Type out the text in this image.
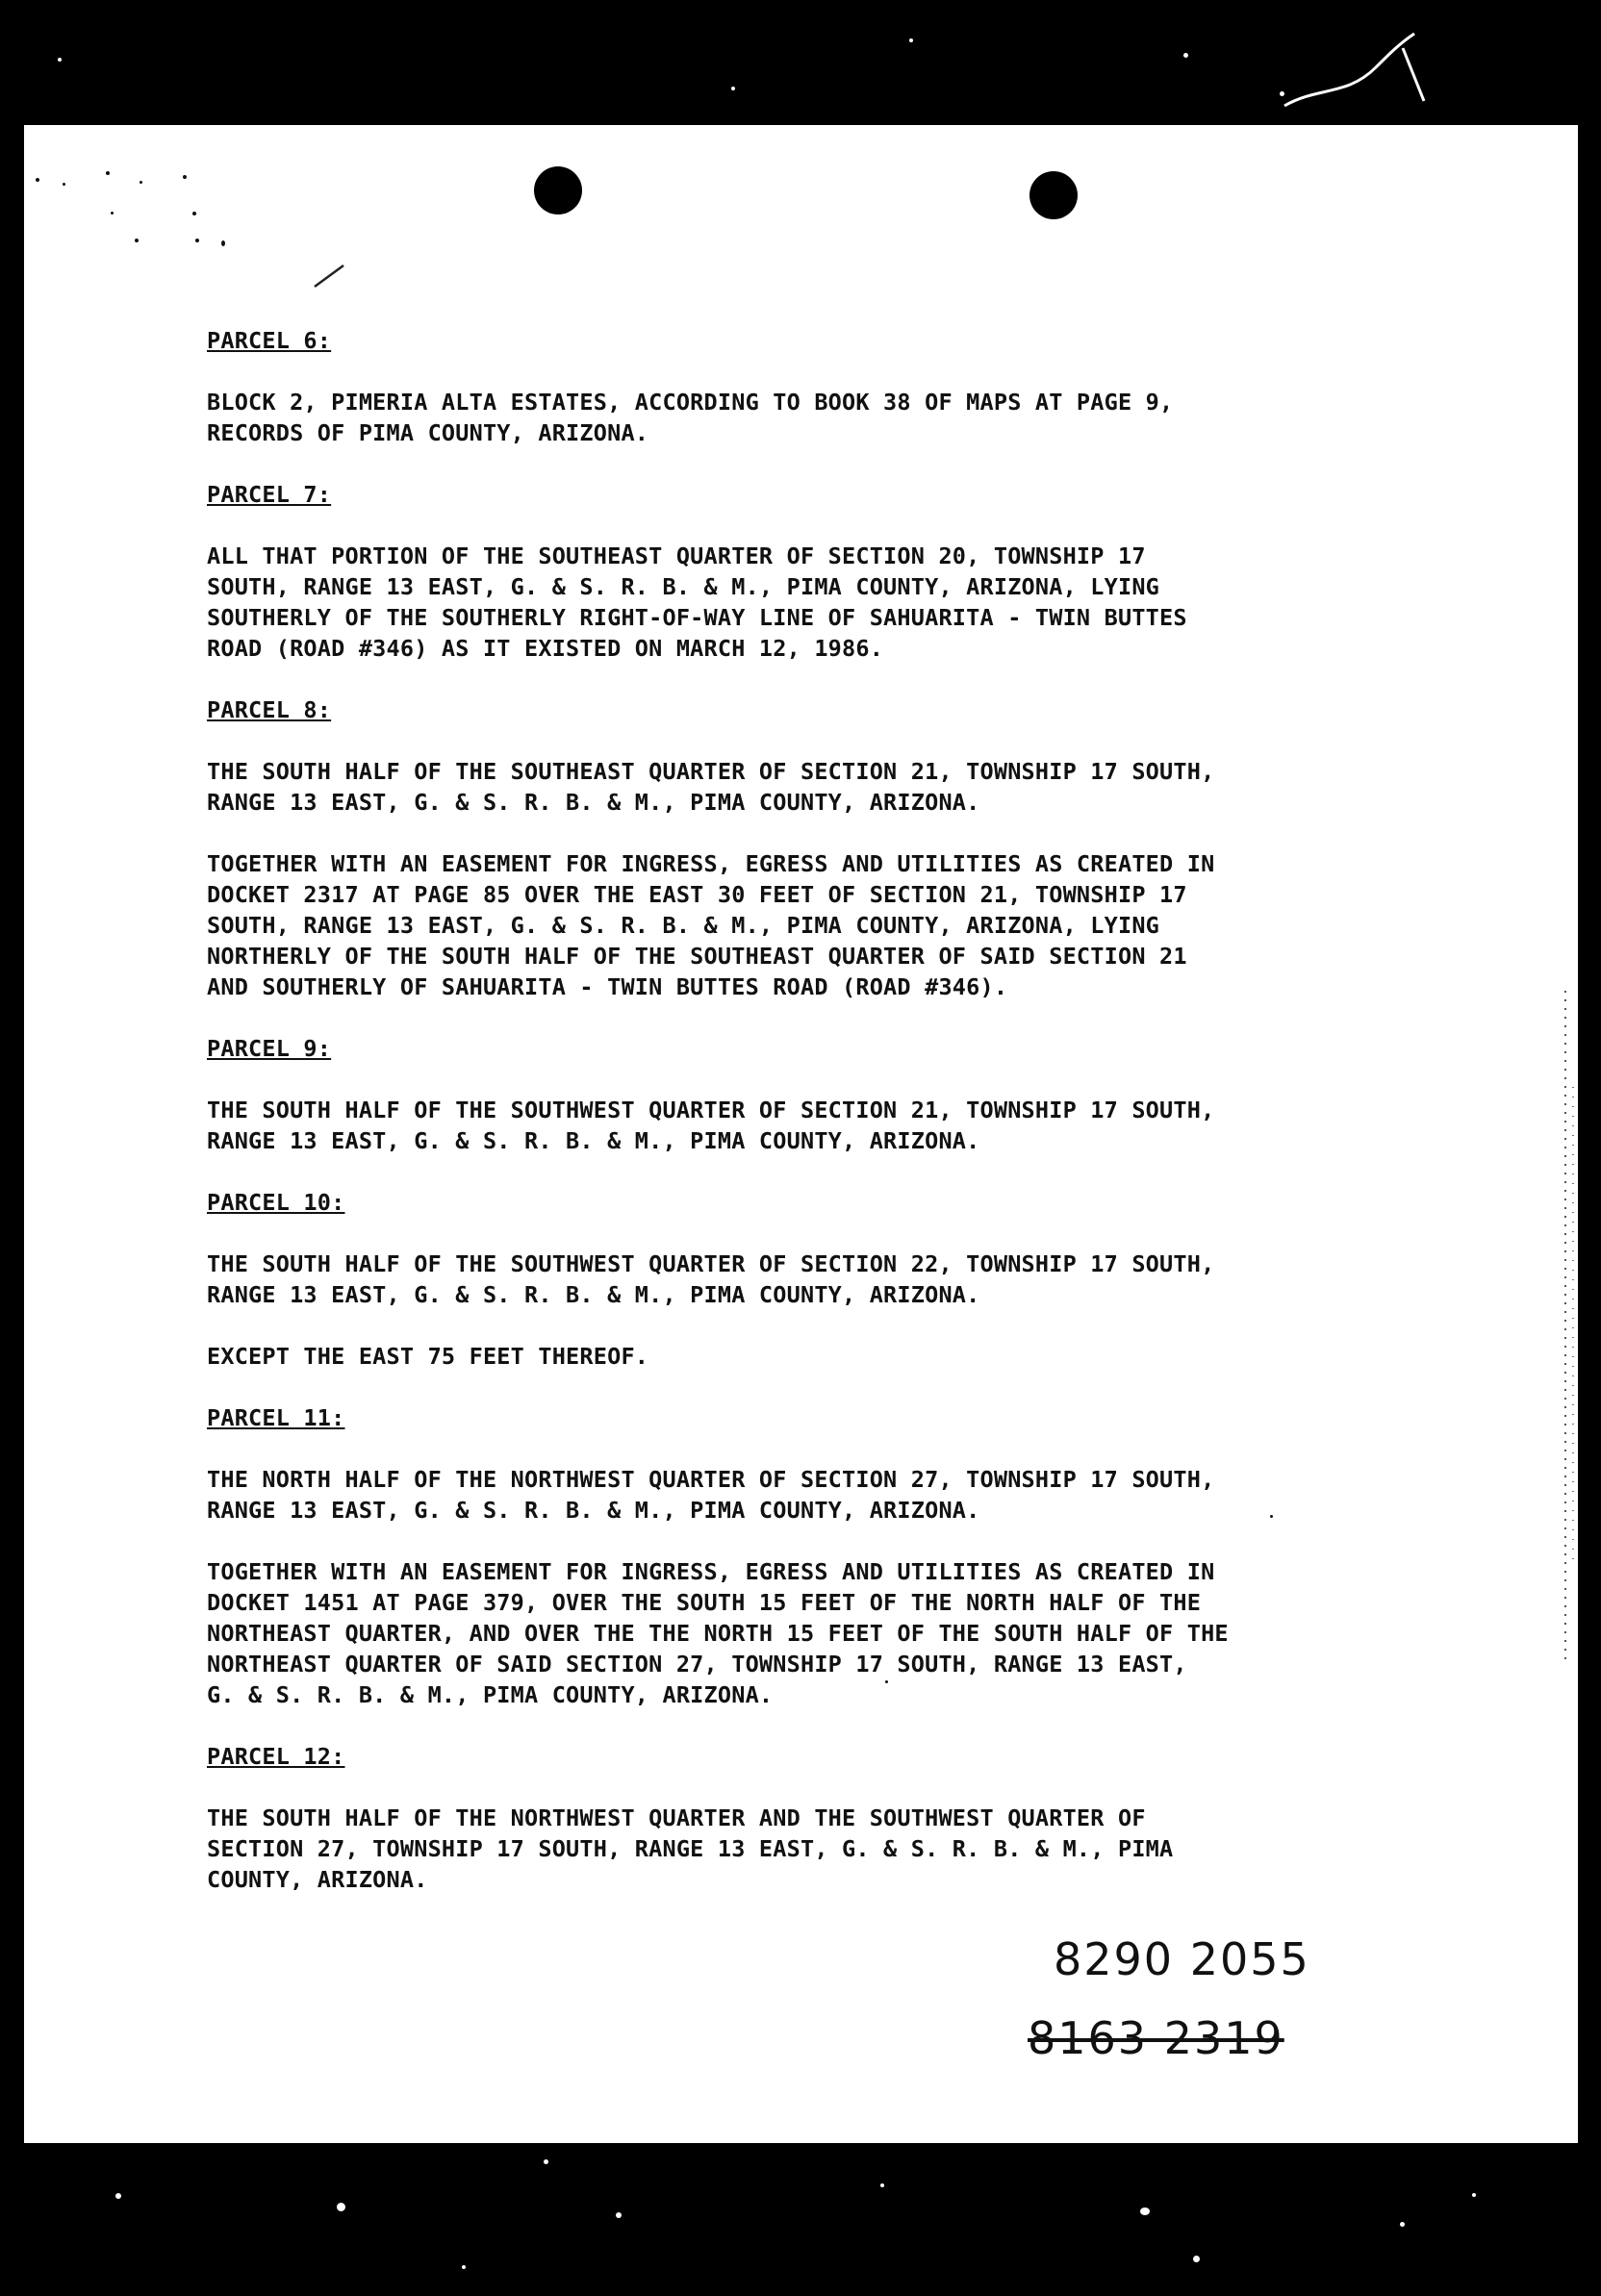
PARCEL 6:
BLOCK 2, PIMERIA ALTA ESTATES, ACCORDING TO BOOK 38 OF MAPS AT PAGE 9,
RECORDS OF PIMA COUNTY, ARIZONA.
PARCEL 7:
ALL THAT PORTION OF THE SOUTHEAST QUARTER OF SECTION 20, TOWNSHIP 17
SOUTH, RANGE 13 EAST, G. & S. R. B. & M., PIMA COUNTY, ARIZONA, LYING
SOUTHERLY OF THE SOUTHERLY RIGHT-OF-WAY LINE OF SAHUARITA - TWIN BUTTES
ROAD (ROAD #346) AS IT EXISTED ON MARCH 12, 1986.
PARCEL 8:
THE SOUTH HALF OF THE SOUTHEAST QUARTER OF SECTION 21, TOWNSHIP 17 SOUTH,
RANGE 13 EAST, G. & S. R. B. & M., PIMA COUNTY, ARIZONA.
TOGETHER WITH AN EASEMENT FOR INGRESS, EGRESS AND UTILITIES AS CREATED IN
DOCKET 2317 AT PAGE 85 OVER THE EAST 30 FEET OF SECTION 21, TOWNSHIP 17
SOUTH, RANGE 13 EAST, G. & S. R. B. & M., PIMA COUNTY, ARIZONA, LYING
NORTHERLY OF THE SOUTH HALF OF THE SOUTHEAST QUARTER OF SAID SECTION 21
AND SOUTHERLY OF SAHUARITA - TWIN BUTTES ROAD (ROAD #346).
PARCEL 9:
THE SOUTH HALF OF THE SOUTHWEST QUARTER OF SECTION 21, TOWNSHIP 17 SOUTH,
RANGE 13 EAST, G. & S. R. B. & M., PIMA COUNTY, ARIZONA.
PARCEL 10:
THE SOUTH HALF OF THE SOUTHWEST QUARTER OF SECTION 22, TOWNSHIP 17 SOUTH,
RANGE 13 EAST, G. & S. R. B. & M., PIMA COUNTY, ARIZONA.
EXCEPT THE EAST 75 FEET THEREOF.
PARCEL 11:
THE NORTH HALF OF THE NORTHWEST QUARTER OF SECTION 27, TOWNSHIP 17 SOUTH,
RANGE 13 EAST, G. & S. R. B. & M., PIMA COUNTY, ARIZONA.
TOGETHER WITH AN EASEMENT FOR INGRESS, EGRESS AND UTILITIES AS CREATED IN
DOCKET 1451 AT PAGE 379, OVER THE SOUTH 15 FEET OF THE NORTH HALF OF THE
NORTHEAST QUARTER, AND OVER THE THE NORTH 15 FEET OF THE SOUTH HALF OF THE
NORTHEAST QUARTER OF SAID SECTION 27, TOWNSHIP 17 SOUTH, RANGE 13 EAST,
G. & S. R. B. & M., PIMA COUNTY, ARIZONA.
PARCEL 12:
THE SOUTH HALF OF THE NORTHWEST QUARTER AND THE SOUTHWEST QUARTER OF
SECTION 27, TOWNSHIP 17 SOUTH, RANGE 13 EAST, G. & S. R. B. & M., PIMA
COUNTY, ARIZONA.
8290 2055
8163 2319
